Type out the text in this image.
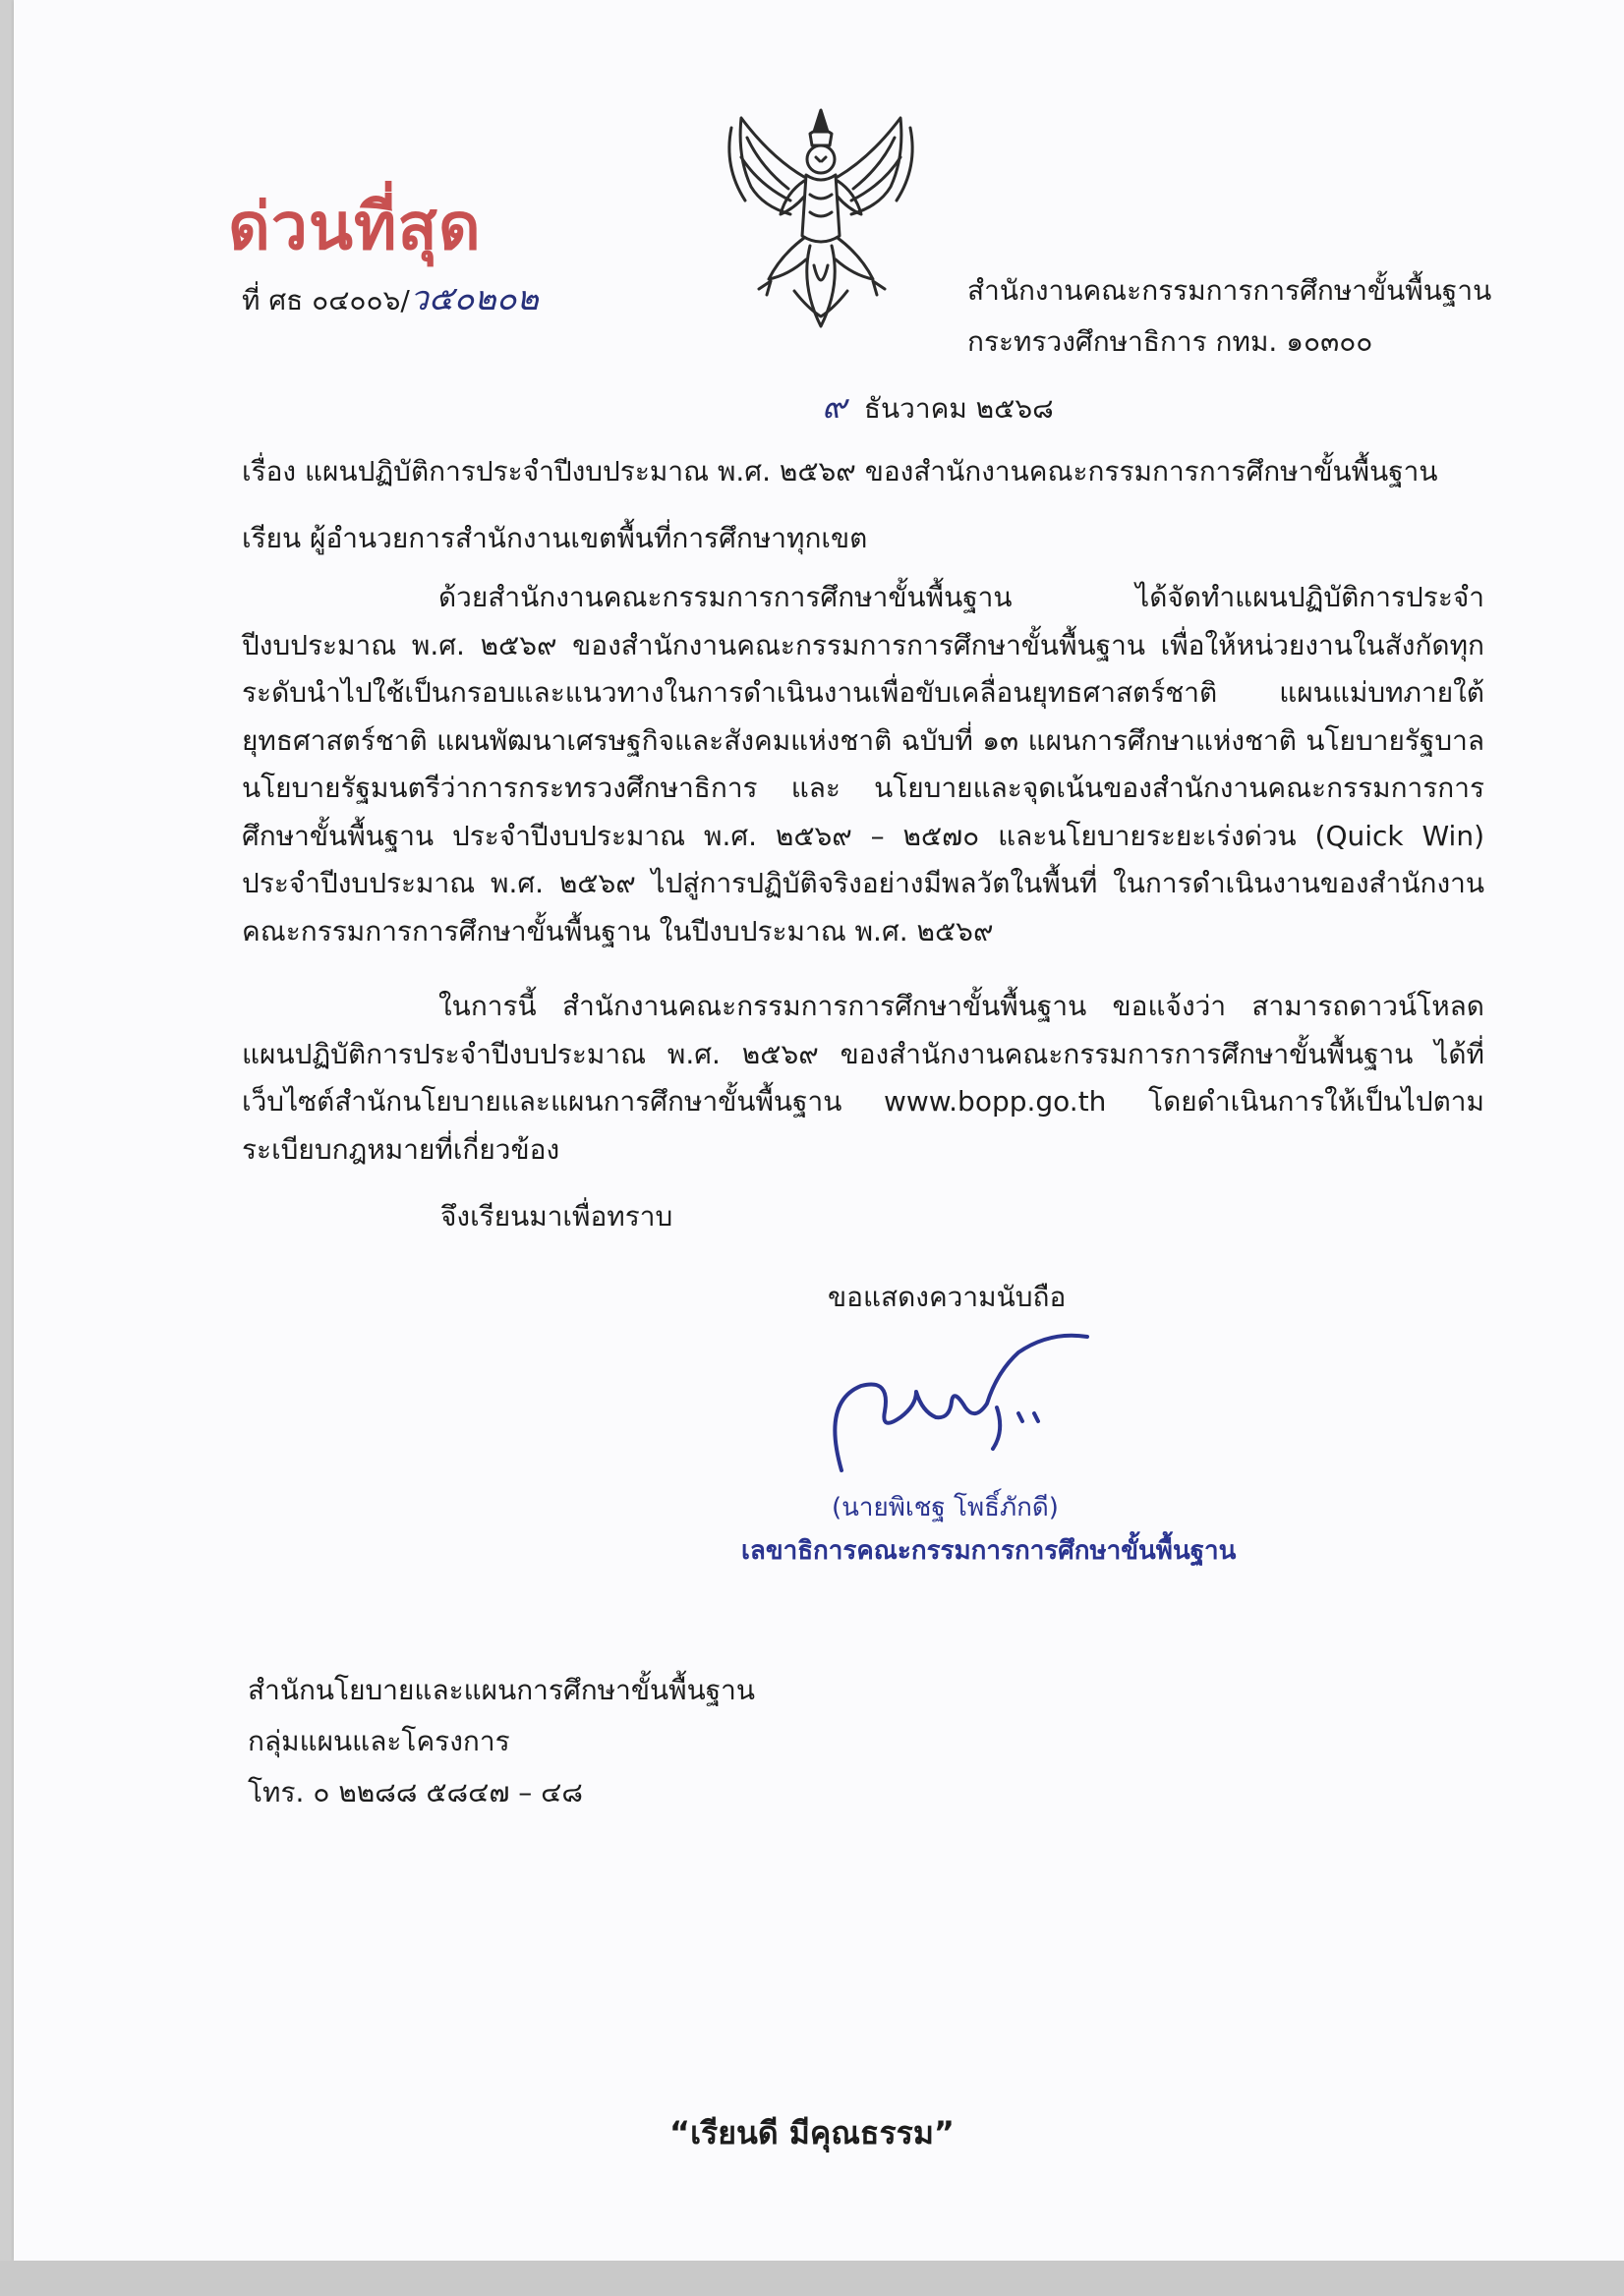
ด่วนที่สุด
ที่ ศธ ๐๔๐๐๖/ว๕๐๒๐๒	สำนักงานคณะกรรมการการศึกษาขั้นพื้นฐาน
กระทรวงศึกษาธิการ กทม. ๑๐๓๐๐
๙ ธันวาคม ๒๕๖๘
เรื่อง แผนปฏิบัติการประจำปีงบประมาณ พ.ศ. ๒๕๖๙ ของสำนักงานคณะกรรมการการศึกษาขั้นพื้นฐาน
เรียน ผู้อำนวยการสำนักงานเขตพื้นที่การศึกษาทุกเขต
ด้วยสำนักงานคณะกรรมการการศึกษาขั้นพื้นฐาน ได้จัดทำแผนปฏิบัติการประจำปีงบประมาณ พ.ศ. ๒๕๖๙ ของสำนักงานคณะกรรมการการศึกษาขั้นพื้นฐาน เพื่อให้หน่วยงานในสังกัดทุกระดับนำไปใช้เป็นกรอบและแนวทางในการดำเนินงานเพื่อขับเคลื่อนยุทธศาสตร์ชาติ แผนแม่บทภายใต้ยุทธศาสตร์ชาติ แผนพัฒนาเศรษฐกิจและสังคมแห่งชาติ ฉบับที่ ๑๓ แผนการศึกษาแห่งชาติ นโยบายรัฐบาล นโยบายรัฐมนตรีว่าการกระทรวงศึกษาธิการ และ นโยบายและจุดเน้นของสำนักงานคณะกรรมการการศึกษาขั้นพื้นฐาน ประจำปีงบประมาณ พ.ศ. ๒๕๖๙ – ๒๕๗๐ และนโยบายระยะเร่งด่วน (Quick Win) ประจำปีงบประมาณ พ.ศ. ๒๕๖๙ ไปสู่การปฏิบัติจริงอย่างมีพลวัตในพื้นที่ ในการดำเนินงานของสำนักงานคณะกรรมการการศึกษาขั้นพื้นฐาน ในปีงบประมาณ พ.ศ. ๒๕๖๙
ในการนี้ สำนักงานคณะกรรมการการศึกษาขั้นพื้นฐาน ขอแจ้งว่า สามารถดาวน์โหลดแผนปฏิบัติการประจำปีงบประมาณ พ.ศ. ๒๕๖๙ ของสำนักงานคณะกรรมการการศึกษาขั้นพื้นฐาน ได้ที่เว็บไซต์สำนักนโยบายและแผนการศึกษาขั้นพื้นฐาน www.bopp.go.th โดยดำเนินการให้เป็นไปตามระเบียบกฎหมายที่เกี่ยวข้อง
จึงเรียนมาเพื่อทราบ
ขอแสดงความนับถือ
(นายพิเชฐ โพธิ์ภักดี)
เลขาธิการคณะกรรมการการศึกษาขั้นพื้นฐาน
สำนักนโยบายและแผนการศึกษาขั้นพื้นฐาน
กลุ่มแผนและโครงการ
โทร. ๐ ๒๒๘๘ ๕๘๔๗ – ๔๘
“เรียนดี มีคุณธรรม”
